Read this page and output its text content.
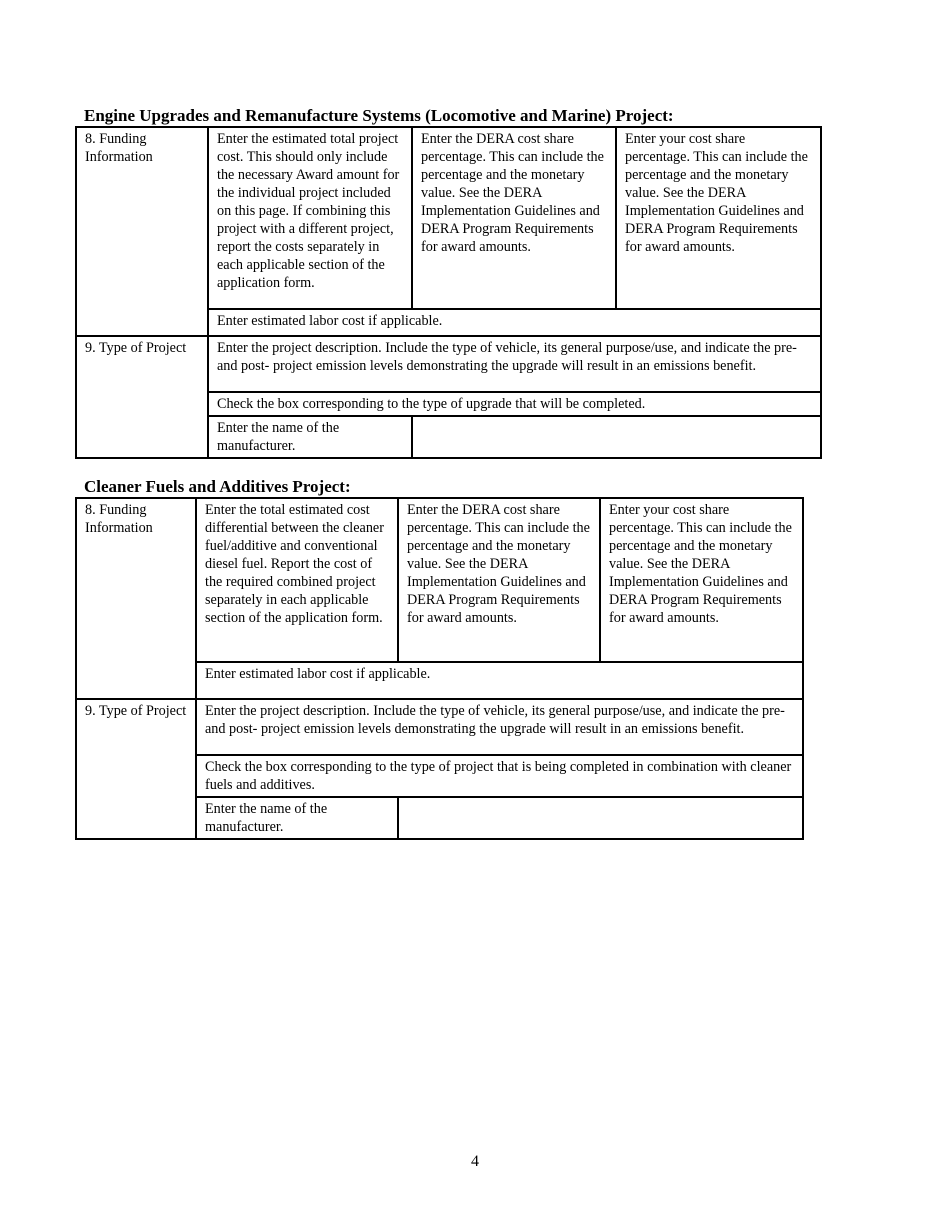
Engine Upgrades and Remanufacture Systems (Locomotive and Marine) Project:
8. Funding Information	Enter the estimated total project cost. This should only include the necessary Award amount for the individual project included on this page. If combining this project with a different project, report the costs separately in each applicable section of the application form.	Enter the DERA cost share percentage. This can include the percentage and the monetary value. See the DERA Implementation Guidelines and DERA Program Requirements for award amounts.	Enter your cost share percentage. This can include the percentage and the monetary value. See the DERA Implementation Guidelines and DERA Program Requirements for award amounts.
	Enter estimated labor cost if applicable.		
9. Type of Project	Enter the project description. Include the type of vehicle, its general purpose/use, and indicate the pre- and post- project emission levels demonstrating the upgrade will result in an emissions benefit.		
	Check the box corresponding to the type of upgrade that will be completed.		
	Enter the name of the manufacturer.		
Cleaner Fuels and Additives Project:
8. Funding Information	Enter the total estimated cost differential between the cleaner fuel/additive and conventional diesel fuel. Report the cost of the required combined project separately in each applicable section of the application form.	Enter the DERA cost share percentage. This can include the percentage and the monetary value. See the DERA Implementation Guidelines and DERA Program Requirements for award amounts.	Enter your cost share percentage. This can include the percentage and the monetary value. See the DERA Implementation Guidelines and DERA Program Requirements for award amounts.
	Enter estimated labor cost if applicable.		
9. Type of Project	Enter the project description. Include the type of vehicle, its general purpose/use, and indicate the pre- and post- project emission levels demonstrating the upgrade will result in an emissions benefit.		
	Check the box corresponding to the type of project that is being completed in combination with cleaner fuels and additives.		
	Enter the name of the manufacturer.		
4
